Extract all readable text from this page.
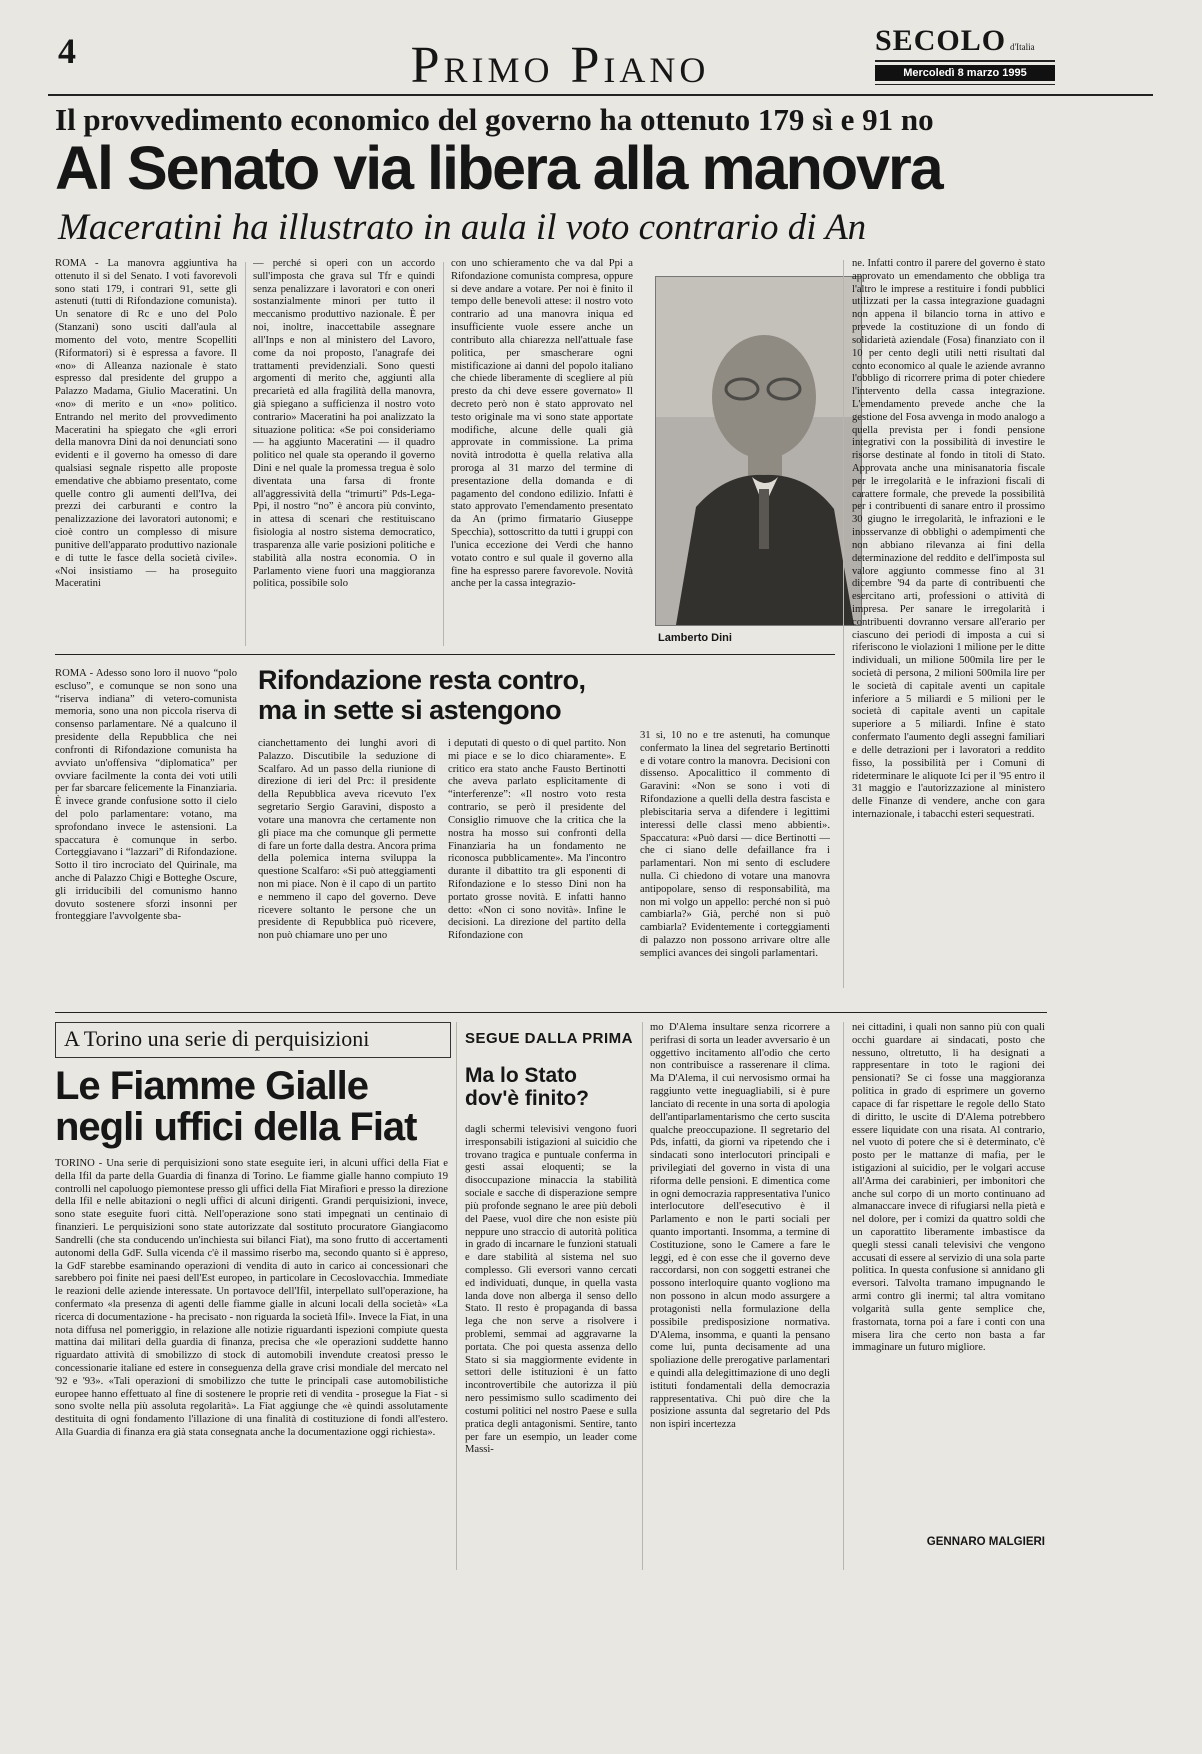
4	Primo Piano	SECOLO d'Italia
Mercoledì 8 marzo 1995
Il provvedimento economico del governo ha ottenuto 179 sì e 91 no
Al Senato via libera alla manovra
Maceratini ha illustrato in aula il voto contrario di An
ROMA - La manovra aggiuntiva ha ottenuto il sì del Senato. I voti favorevoli sono stati 179, i contrari 91, sette gli astenuti (tutti di Rifondazione comunista). Un senatore di Rc e uno del Polo (Stanzani) sono usciti dall'aula al momento del voto, mentre Scopelliti (Riformatori) si è espressa a favore. Il «no» di Alleanza nazionale è stato espresso dal presidente del gruppo a Palazzo Madama, Giulio Maceratini. Un «no» di merito e un «no» politico. Entrando nel merito del provvedimento Maceratini ha spiegato che «gli errori della manovra Dini da noi denunciati sono evidenti e il governo ha omesso di dare qualsiasi segnale rispetto alle proposte emendative che abbiamo presentato, come quelle contro gli aumenti dell'Iva, dei prezzi dei carburanti e contro la penalizzazione dei lavoratori autonomi; e cioè contro un complesso di misure punitive dell'apparato produttivo nazionale e di tutte le fasce della società civile». «Noi insistiamo — ha proseguito Maceratini
— perché si operi con un accordo sull'imposta che grava sul Tfr e quindi senza penalizzare i lavoratori e con oneri sostanzialmente minori per tutto il meccanismo produttivo nazionale. È per noi, inoltre, inaccettabile assegnare all'Inps e non al ministero del Lavoro, come da noi proposto, l'anagrafe dei trattamenti previdenziali. Sono questi argomenti di merito che, aggiunti alla precarietà ed alla fragilità della manovra, già spiegano a sufficienza il nostro voto contrario» Maceratini ha poi analizzato la situazione politica: «Se poi consideriamo — ha aggiunto Maceratini — il quadro politico nel quale sta operando il governo Dini e nel quale la promessa tregua è solo diventata una farsa di fronte all'aggressività della “trimurti” Pds-Lega-Ppi, il nostro “no” è ancora più convinto, in attesa di scenari che restituiscano fisiologia al nostro sistema democratico, trasparenza alle varie posizioni politiche e stabilità alla nostra economia. O in Parlamento viene fuori una maggioranza politica, possibile solo
con uno schieramento che va dal Ppi a Rifondazione comunista compresa, oppure si deve andare a votare. Per noi è finito il tempo delle benevoli attese: il nostro voto contrario ad una manovra iniqua ed insufficiente vuole essere anche un contributo alla chiarezza nell'attuale fase politica, per smascherare ogni mistificazione ai danni del popolo italiano che chiede liberamente di scegliere al più presto da chi deve essere governato» Il decreto però non è stato approvato nel testo originale ma vi sono state apportate modifiche, alcune delle quali già approvate in commissione. La prima novità introdotta è quella relativa alla proroga al 31 marzo del termine di presentazione della domanda e di pagamento del condono edilizio. Infatti è stato approvato l'emendamento presentato da An (primo firmatario Giuseppe Specchia), sottoscritto da tutti i gruppi con l'unica eccezione dei Verdi che hanno votato contro e sul quale il governo alla fine ha espresso parere favorevole. Novità anche per la cassa integrazio-
Lamberto Dini
ne. Infatti contro il parere del governo è stato approvato un emendamento che obbliga tra l'altro le imprese a restituire i fondi pubblici utilizzati per la cassa integrazione guadagni non appena il bilancio torna in attivo e prevede la costituzione di un fondo di solidarietà aziendale (Fosa) finanziato con il 10 per cento degli utili netti risultati dal conto economico al quale le aziende avranno l'obbligo di ricorrere prima di poter chiedere l'intervento della cassa integrazione. L'emendamento prevede anche che la gestione del Fosa avvenga in modo analogo a quella prevista per i fondi pensione integrativi con la possibilità di investire le risorse destinate al fondo in titoli di Stato. Approvata anche una minisanatoria fiscale per le irregolarità e le infrazioni fiscali di carattere formale, che prevede la possibilità per i contribuenti di sanare entro il prossimo 30 giugno le irregolarità, le infrazioni e le inosservanze di obblighi o adempimenti che non abbiano rilevanza ai fini della determinazione del reddito e dell'imposta sul valore aggiunto commesse fino al 31 dicembre '94 da parte di contribuenti che esercitano arti, professioni o attività di impresa. Per sanare le irregolarità i contribuenti dovranno versare all'erario per ciascuno dei periodi di imposta a cui si riferiscono le violazioni 1 milione per le ditte individuali, un milione 500mila lire per le società di persona, 2 milioni 500mila lire per le società di capitale aventi un capitale inferiore a 5 miliardi e 5 milioni per le società di capitale aventi un capitale superiore a 5 miliardi. Infine è stato confermato l'aumento degli assegni familiari e delle detrazioni per i lavoratori a reddito fisso, la possibilità per i Comuni di rideterminare le aliquote Ici per il '95 entro il 31 maggio e l'autorizzazione al ministero delle Finanze di vendere, anche con gara internazionale, i tabacchi esteri sequestrati.
ROMA - Adesso sono loro il nuovo “polo escluso”, e comunque se non sono una “riserva indiana” di vetero-comunista memoria, sono una non piccola riserva di consenso parlamentare. Né a qualcuno il presidente della Repubblica che nei confronti di Rifondazione comunista ha avviato un'offensiva “diplomatica” per ovviare facilmente la conta dei voti utili per far sbarcare felicemente la Finanziaria. È invece grande confusione sotto il cielo del polo parlamentare: votano, ma sprofondano invece le astensioni. La spaccatura è comunque in serbo. Corteggiavano i “lazzari” di Rifondazione. Sotto il tiro incrociato del Quirinale, ma anche di Palazzo Chigi e Botteghe Oscure, gli irriducibili del comunismo hanno dovuto sostenere sforzi insonni per fronteggiare l'avvolgente sba-
Rifondazione resta contro,
ma in sette si astengono
cianchettamento dei lunghi avori di Palazzo. Discutibile la seduzione di Scalfaro. Ad un passo della riunione di direzione di ieri del Prc: il presidente della Repubblica aveva ricevuto l'ex segretario Sergio Garavini, disposto a votare una manovra che certamente non gli piace ma che comunque gli permette di fare un forte dalla destra. Ancora prima della polemica interna sviluppa la questione Scalfaro: «Si può atteggiamenti non mi piace. Non è il capo di un partito e nemmeno il capo del governo. Deve ricevere soltanto le persone che un presidente di Repubblica può ricevere, non può chiamare uno per uno
i deputati di questo o di quel partito. Non mi piace e se lo dico chiaramente». E critico era stato anche Fausto Bertinotti che aveva parlato esplicitamente di “interferenze”: «Il nostro voto resta contrario, se però il presidente del Consiglio rimuove che la critica che la nostra ha mosso sui confronti della Finanziaria ha un fondamento ne riconosca pubblicamente». Ma l'incontro durante il dibattito tra gli esponenti di Rifondazione e lo stesso Dini non ha portato grosse novità. E infatti hanno detto: «Non ci sono novità». Infine le decisioni. La direzione del partito della Rifondazione con
31 sì, 10 no e tre astenuti, ha comunque confermato la linea del segretario Bertinotti e di votare contro la manovra. Decisioni con dissenso. Apocalittico il commento di Garavini: «Non se sono i voti di Rifondazione a quelli della destra fascista e plebiscitaria serva a difendere i legittimi interessi delle classi meno abbienti». Spaccatura: «Può darsi — dice Bertinotti — che ci siano delle defaillance fra i parlamentari. Non mi sento di escludere nulla. Ci chiedono di votare una manovra antipopolare, senso di responsabilità, ma non mi volgo un appello: perché non si può cambiarla?» Già, perché non si può cambiarla? Evidentemente i corteggiamenti di palazzo non possono arrivare oltre alle semplici avances dei singoli parlamentari.
A Torino una serie di perquisizioni
Le Fiamme Gialle
negli uffici della Fiat
TORINO - Una serie di perquisizioni sono state eseguite ieri, in alcuni uffici della Fiat e della Ifil da parte della Guardia di finanza di Torino. Le fiamme gialle hanno compiuto 19 controlli nel capoluogo piemontese presso gli uffici della Fiat Mirafiori e presso la direzione della Ifil e nelle abitazioni o negli uffici di alcuni dirigenti. Grandi perquisizioni, invece, sono state eseguite fuori città. Nell'operazione sono stati impegnati un centinaio di finanzieri. Le perquisizioni sono state autorizzate dal sostituto procuratore Giangiacomo Sandrelli (che sta conducendo un'inchiesta sui bilanci Fiat), ma sono frutto di accertamenti autonomi della GdF. Sulla vicenda c'è il massimo riserbo ma, secondo quanto si è appreso, la GdF starebbe esaminando operazioni di vendita di auto in carico ai concessionari che sarebbero poi finite nei paesi dell'Est europeo, in particolare in Cecoslovacchia. Immediate le reazioni delle aziende interessate. Un portavoce dell'Ifil, interpellato sull'operazione, ha confermato «la presenza di agenti delle fiamme gialle in alcuni locali della società» «La ricerca di documentazione - ha precisato - non riguarda la società Ifil». Invece la Fiat, in una nota diffusa nel pomeriggio, in relazione alle notizie riguardanti ispezioni compiute questa mattina dai militari della guardia di finanza, precisa che «le operazioni suddette hanno riguardato attività di smobilizzo di stock di automobili invendute creatosi presso le concessionarie italiane ed estere in conseguenza della grave crisi mondiale del mercato nel '92 e '93». «Tali operazioni di smobilizzo che tutte le principali case automobilistiche europee hanno effettuato al fine di sostenere le proprie reti di vendita - prosegue la Fiat - si sono svolte nella più assoluta regolarità». La Fiat aggiunge che «è quindi assolutamente destituita di ogni fondamento l'illazione di una finalità di costituzione di fondi all'estero. Alla Guardia di finanza era già stata consegnata anche la documentazione oggi richiesta».
SEGUE DALLA PRIMA
Ma lo Stato
dov'è finito?
dagli schermi televisivi vengono fuori irresponsabili istigazioni al suicidio che trovano tragica e puntuale conferma in gesti assai eloquenti; se la disoccupazione minaccia la stabilità sociale e sacche di disperazione sempre più profonde segnano le aree più deboli del Paese, vuol dire che non esiste più neppure uno straccio di autorità politica in grado di incarnare le funzioni statuali e dare stabilità al sistema nel suo complesso. Gli eversori vanno cercati ed individuati, dunque, in quella vasta landa dove non alberga il senso dello Stato. Il resto è propaganda di bassa lega che non serve a risolvere i problemi, semmai ad aggravarne la portata. Che poi questa assenza dello Stato si sia maggiormente evidente in settori delle istituzioni è un fatto incontrovertibile che autorizza il più nero pessimismo sullo scadimento dei costumi politici nel nostro Paese e sulla pratica degli antagonismi. Sentire, tanto per fare un esempio, un leader come Massi-
mo D'Alema insultare senza ricorrere a perifrasi di sorta un leader avversario è un oggettivo incitamento all'odio che certo non contribuisce a rasserenare il clima. Ma D'Alema, il cui nervosismo ormai ha raggiunto vette ineguagliabili, si è pure lanciato di recente in una sorta di apologia dell'antiparlamentarismo che certo suscita qualche preoccupazione. Il segretario del Pds, infatti, da giorni va ripetendo che i sindacati sono interlocutori principali e privilegiati del governo in vista di una riforma delle pensioni. E dimentica come in ogni democrazia rappresentativa l'unico interlocutore dell'esecutivo è il Parlamento e non le parti sociali per quanto importanti. Insomma, a termine di Costituzione, sono le Camere a fare le leggi, ed è con esse che il governo deve raccordarsi, non con soggetti estranei che possono interloquire quanto vogliono ma non possono in alcun modo assurgere a protagonisti nella formulazione della possibile predisposizione normativa. D'Alema, insomma, e quanti la pensano come lui, punta decisamente ad una spoliazione delle prerogative parlamentari e quindi alla delegittimazione di uno degli istituti fondamentali della democrazia rappresentativa. Chi può dire che la posizione assunta dal segretario del Pds non ispiri incertezza
nei cittadini, i quali non sanno più con quali occhi guardare ai sindacati, posto che nessuno, oltretutto, li ha designati a rappresentare in toto le ragioni dei pensionati? Se ci fosse una maggioranza politica in grado di esprimere un governo capace di far rispettare le regole dello Stato di diritto, le uscite di D'Alema potrebbero essere liquidate con una risata. Al contrario, nel vuoto di potere che si è determinato, c'è posto per le mattanze di mafia, per le istigazioni al suicidio, per le volgari accuse all'Arma dei carabinieri, per imbonitori che anche sul corpo di un morto continuano ad almanaccare invece di rifugiarsi nella pietà e nel dolore, per i comizi da quattro soldi che un caporattito liberamente imbastisce da quegli stessi canali televisivi che vengono accusati di essere al servizio di una sola parte politica. In questa confusione si annidano gli eversori. Talvolta tramano impugnando le armi contro gli inermi; tal altra vomitano volgarità sulla gente semplice che, frastornata, torna poi a fare i conti con una misera lira che certo non basta a far immaginare un futuro migliore.
GENNARO MALGIERI
